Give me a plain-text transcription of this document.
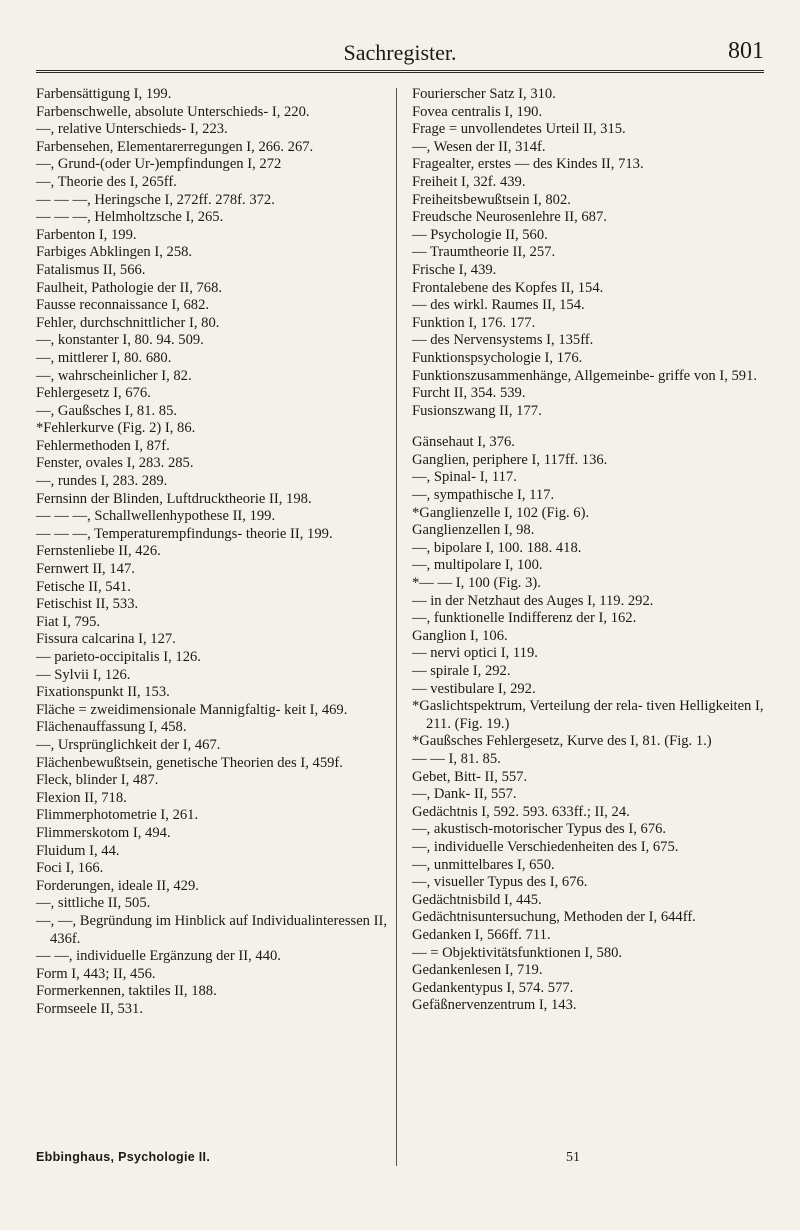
Sachregister.	801
Farbensättigung I, 199.
Farbenschwelle, absolute Unterschieds- I, 220.
—, relative Unterschieds- I, 223.
Farbensehen, Elementarerregungen I, 266. 267.
—, Grund-(oder Ur-)empfindungen I, 272
—, Theorie des I, 265ff.
— — —, Heringsche I, 272ff. 278f. 372.
— — —, Helmholtzsche I, 265.
Farbenton I, 199.
Farbiges Abklingen I, 258.
Fatalismus II, 566.
Faulheit, Pathologie der II, 768.
Fausse reconnaissance I, 682.
Fehler, durchschnittlicher I, 80.
—, konstanter I, 80. 94. 509.
—, mittlerer I, 80. 680.
—, wahrscheinlicher I, 82.
Fehlergesetz I, 676.
—, Gaußsches I, 81. 85.
*Fehlerkurve (Fig. 2) I, 86.
Fehlermethoden I, 87f.
Fenster, ovales I, 283. 285.
—, rundes I, 283. 289.
Fernsinn der Blinden, Luftdrucktheorie II, 198.
— — —, Schallwellenhypothese II, 199.
— — —, Temperaturempfindungs- theorie II, 199.
Fernstenliebe II, 426.
Fernwert II, 147.
Fetische II, 541.
Fetischist II, 533.
Fiat I, 795.
Fissura calcarina I, 127.
— parieto-occipitalis I, 126.
— Sylvii I, 126.
Fixationspunkt II, 153.
Fläche = zweidimensionale Mannigfaltig- keit I, 469.
Flächenauffassung I, 458.
—, Ursprünglichkeit der I, 467.
Flächenbewußtsein, genetische Theorien des I, 459f.
Fleck, blinder I, 487.
Flexion II, 718.
Flimmerphotometrie I, 261.
Flimmerskotom I, 494.
Fluidum I, 44.
Foci I, 166.
Forderungen, ideale II, 429.
—, sittliche II, 505.
—, —, Begründung im Hinblick auf Individualinteressen II, 436f.
— —, individuelle Ergänzung der II, 440.
Form I, 443; II, 456.
Formerkennen, taktiles II, 188.
Formseele II, 531.
Fourierscher Satz I, 310.
Fovea centralis I, 190.
Frage = unvollendetes Urteil II, 315.
—, Wesen der II, 314f.
Fragealter, erstes — des Kindes II, 713.
Freiheit I, 32f. 439.
Freiheitsbewußtsein I, 802.
Freudsche Neurosenlehre II, 687.
— Psychologie II, 560.
— Traumtheorie II, 257.
Frische I, 439.
Frontalebene des Kopfes II, 154.
— des wirkl. Raumes II, 154.
Funktion I, 176. 177.
— des Nervensystems I, 135ff.
Funktionspsychologie I, 176.
Funktionszusammenhänge, Allgemeinbe- griffe von I, 591.
Furcht II, 354. 539.
Fusionszwang II, 177.
Gänsehaut I, 376.
Ganglien, periphere I, 117ff. 136.
—, Spinal- I, 117.
—, sympathische I, 117.
*Ganglienzelle I, 102 (Fig. 6).
Ganglienzellen I, 98.
—, bipolare I, 100. 188. 418.
—, multipolare I, 100.
*— — I, 100 (Fig. 3).
— in der Netzhaut des Auges I, 119. 292.
—, funktionelle Indifferenz der I, 162.
Ganglion I, 106.
— nervi optici I, 119.
— spirale I, 292.
— vestibulare I, 292.
*Gaslichtspektrum, Verteilung der rela- tiven Helligkeiten I, 211. (Fig. 19.)
*Gaußsches Fehlergesetz, Kurve des I, 81. (Fig. 1.)
— — I, 81. 85.
Gebet, Bitt- II, 557.
—, Dank- II, 557.
Gedächtnis I, 592. 593. 633ff.; II, 24.
—, akustisch-motorischer Typus des I, 676.
—, individuelle Verschiedenheiten des I, 675.
—, unmittelbares I, 650.
—, visueller Typus des I, 676.
Gedächtnisbild I, 445.
Gedächtnisuntersuchung, Methoden der I, 644ff.
Gedanken I, 566ff. 711.
— = Objektivitätsfunktionen I, 580.
Gedankenlesen I, 719.
Gedankentypus I, 574. 577.
Gefäßnervenzentrum I, 143.
Ebbinghaus, Psychologie II.	51
